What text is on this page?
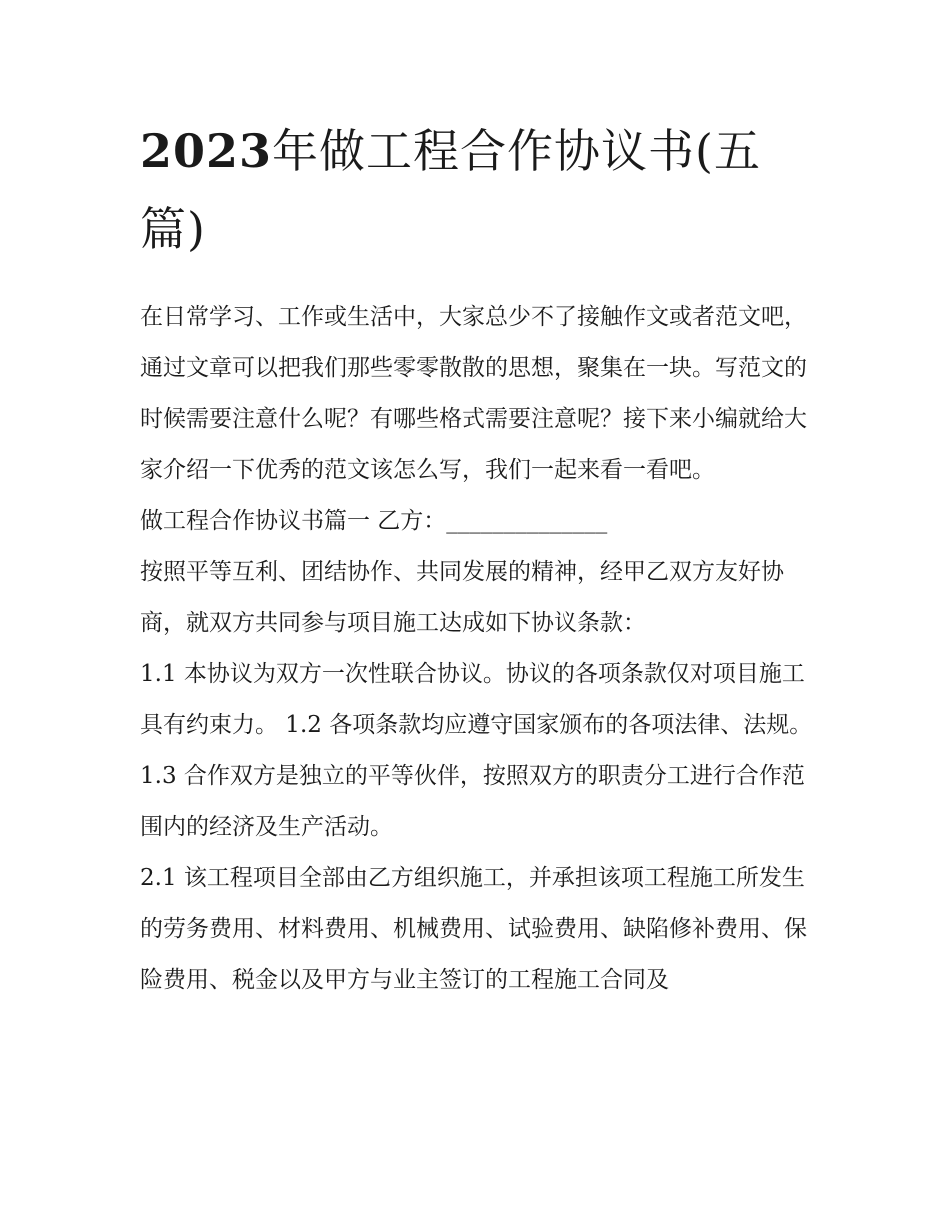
2023年做工程合作协议书(五篇)

在日常学习、工作或生活中，大家总少不了接触作文或者范文吧，通过文章可以把我们那些零零散散的思想，聚集在一块。写范文的时候需要注意什么呢？有哪些格式需要注意呢？接下来小编就给大家介绍一下优秀的范文该怎么写，我们一起来看一看吧。

做工程合作协议书篇一 乙方：______________

按照平等互利、团结协作、共同发展的精神，经甲乙双方友好协商，就双方共同参与项目施工达成如下协议条款：

1.1 本协议为双方一次性联合协议。协议的各项条款仅对项目施工具有约束力。 1.2 各项条款均应遵守国家颁布的各项法律、法规。

1.3 合作双方是独立的平等伙伴，按照双方的职责分工进行合作范围内的经济及生产活动。

2.1 该工程项目全部由乙方组织施工，并承担该项工程施工所发生的劳务费用、材料费用、机械费用、试验费用、缺陷修补费用、保险费用、税金以及甲方与业主签订的工程施工合同及
